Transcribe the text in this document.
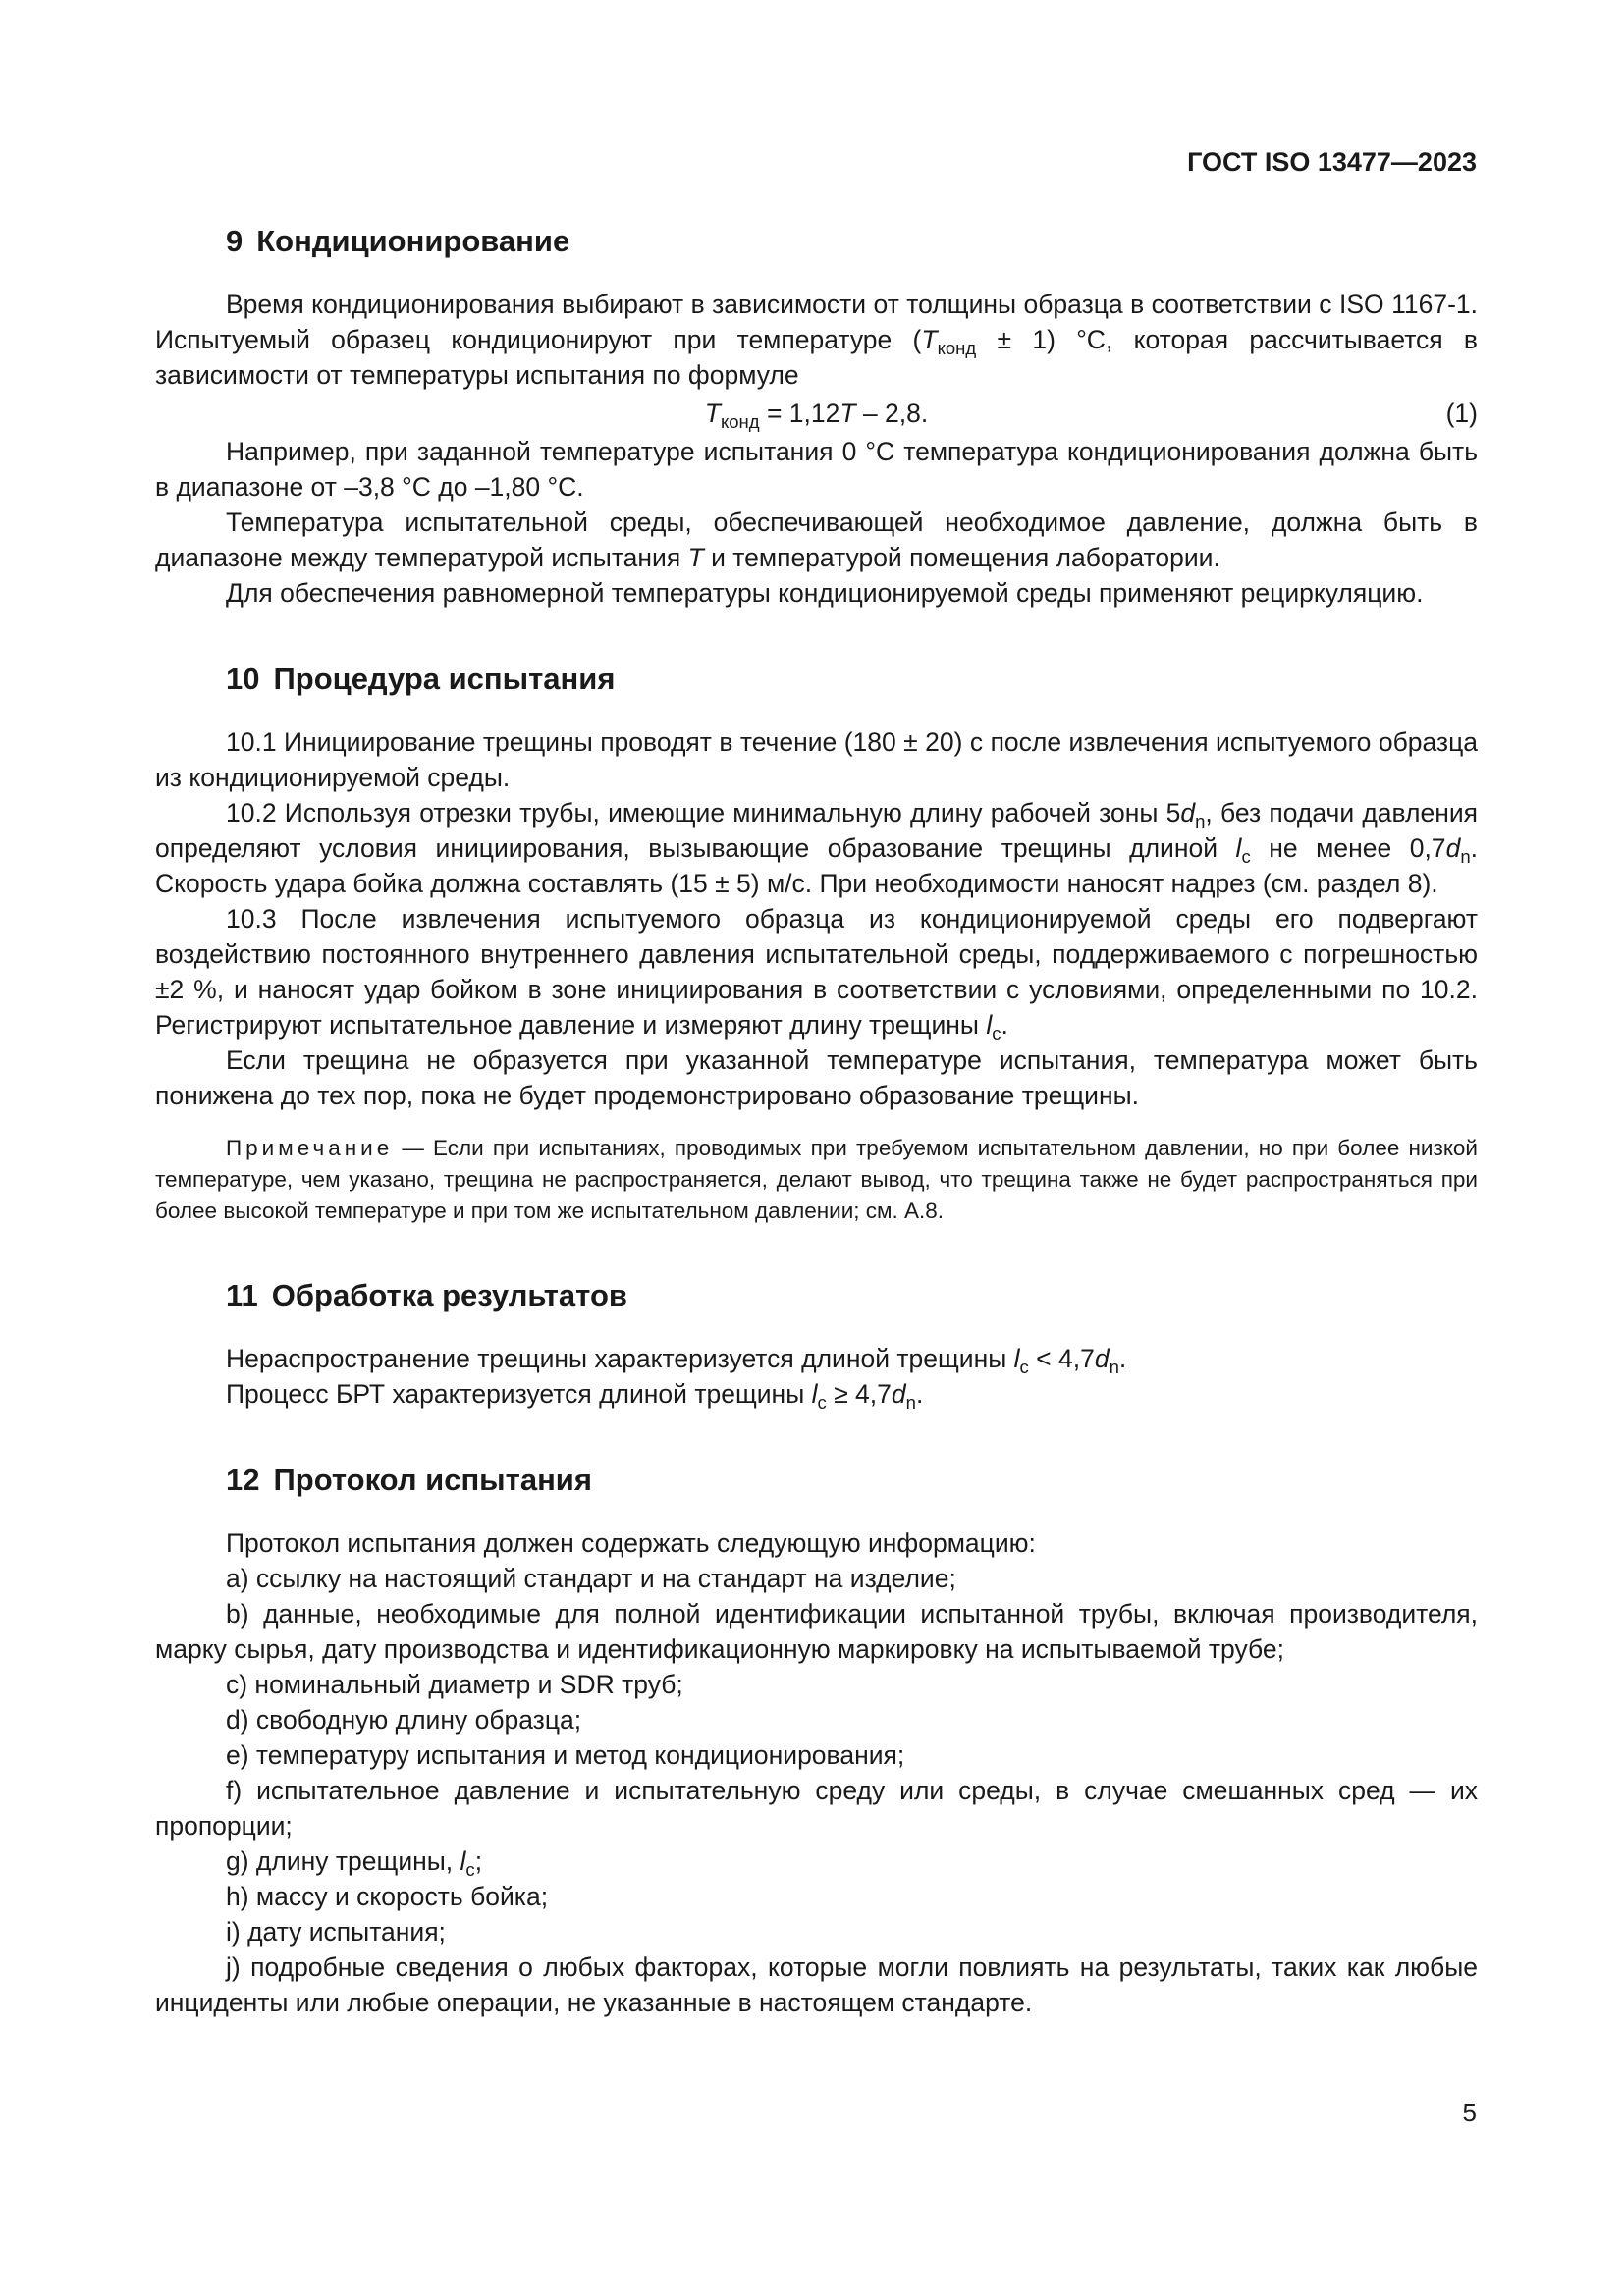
ГОСТ ISO 13477—2023
9 Кондиционирование

Время кондиционирования выбирают в зависимости от толщины образца в соответствии с ISO 1167-1. Испытуемый образец кондиционируют при температуре $(T_{конд} \pm 1)$ °С, которая рассчитывается в зависимости от температуры испытания по формуле

$T_{конд} = 1,12T - 2,8$.	(1)

Например, при заданной температуре испытания 0 °С температура кондиционирования должна быть в диапазоне от –3,8 °С до –1,80 °С.

Температура испытательной среды, обеспечивающей необходимое давление, должна быть в диапазоне между температурой испытания Т и температурой помещения лаборатории.

Для обеспечения равномерной температуры кондиционируемой среды применяют рециркуляцию.

10 Процедура испытания

10.1 Инициирование трещины проводят в течение (180 ± 20) с после извлечения испытуемого образца из кондиционируемой среды.

10.2 Используя отрезки трубы, имеющие минимальную длину рабочей зоны $5d_n$, без подачи давления определяют условия инициирования, вызывающие образование трещины длиной $l_c$ не менее $0,7d_n$. Скорость удара бойка должна составлять (15 ± 5) м/с. При необходимости наносят надрез (см. раздел 8).

10.3 После извлечения испытуемого образца из кондиционируемой среды его подвергают воздействию постоянного внутреннего давления испытательной среды, поддерживаемого с погрешностью ±2 %, и наносят удар бойком в зоне инициирования в соответствии с условиями, определенными по 10.2. Регистрируют испытательное давление и измеряют длину трещины $l_c$.

Если трещина не образуется при указанной температуре испытания, температура может быть понижена до тех пор, пока не будет продемонстрировано образование трещины.

Примечание — Если при испытаниях, проводимых при требуемом испытательном давлении, но при более низкой температуре, чем указано, трещина не распространяется, делают вывод, что трещина также не будет распространяться при более высокой температуре и при том же испытательном давлении; см. А.8.

11 Обработка результатов

Нераспространение трещины характеризуется длиной трещины $l_c < 4,7d_n$.

Процесс БРТ характеризуется длиной трещины $l_c \ge 4,7d_n$.

12 Протокол испытания

Протокол испытания должен содержать следующую информацию:

a) ссылку на настоящий стандарт и на стандарт на изделие;

b) данные, необходимые для полной идентификации испытанной трубы, включая производителя, марку сырья, дату производства и идентификационную маркировку на испытываемой трубе;

c) номинальный диаметр и SDR труб;

d) свободную длину образца;

e) температуру испытания и метод кондиционирования;

f) испытательное давление и испытательную среду или среды, в случае смешанных сред — их пропорции;

g) длину трещины, $l_c$;

h) массу и скорость бойка;

i) дату испытания;

j) подробные сведения о любых факторах, которые могли повлиять на результаты, таких как любые инциденты или любые операции, не указанные в настоящем стандарте.

5
